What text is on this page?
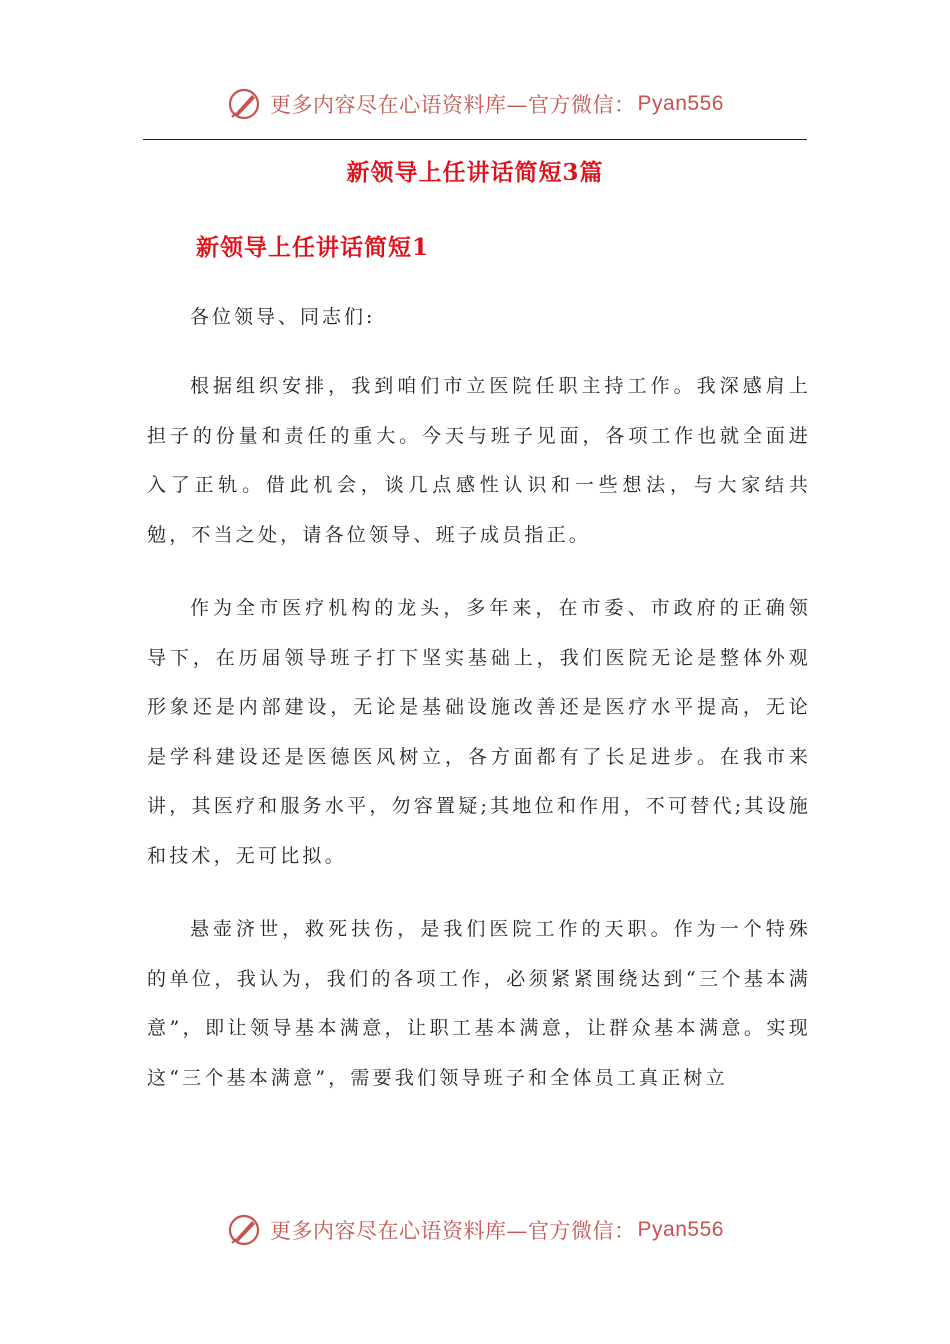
更多内容尽在心语资料库—官方微信： Pyan556
新领导上任讲话简短3篇
新领导上任讲话简短1
各位领导、同志们:

根据组织安排，我到咱们市立医院任职主持工作。我深感肩上担子的份量和责任的重大。今天与班子见面，各项工作也就全面进入了正轨。借此机会，谈几点感性认识和一些想法，与大家结共勉，不当之处，请各位领导、班子成员指正。

作为全市医疗机构的龙头，多年来，在市委、市政府的正确领导下，在历届领导班子打下坚实基础上，我们医院无论是整体外观形象还是内部建设，无论是基础设施改善还是医疗水平提高，无论是学科建设还是医德医风树立，各方面都有了长足进步。在我市来讲，其医疗和服务水平，勿容置疑;其地位和作用，不可替代;其设施和技术，无可比拟。

悬壶济世，救死扶伤，是我们医院工作的天职。作为一个特殊的单位，我认为，我们的各项工作，必须紧紧围绕达到“三个基本满意”，即让领导基本满意，让职工基本满意，让群众基本满意。实现这“三个基本满意”，需要我们领导班子和全体员工真正树立

更多内容尽在心语资料库—官方微信： Pyan556
